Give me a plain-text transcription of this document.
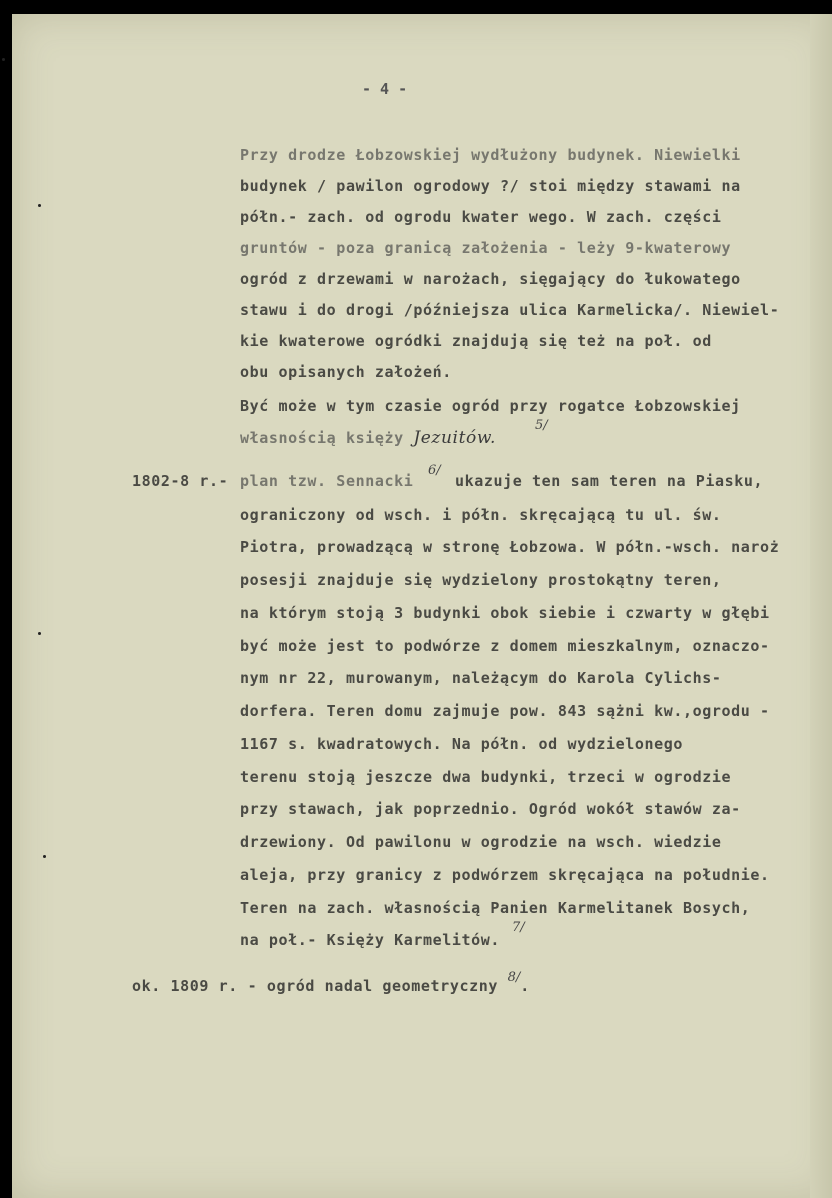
- 4 -
Przy drodze Łobzowskiej wydłużony budynek. Niewielki
budynek / pawilon ogrodowy ?/ stoi między stawami na
półn.- zach. od ogrodu kwater wego. W zach. części
gruntów - poza granicą założenia - leży 9-kwaterowy
ogród z drzewami w narożach, sięgający do łukowatego
stawu i do drogi /późniejsza ulica Karmelicka/. Niewiel-
kie kwaterowe ogródki znajdują się też na poł. od
obu opisanych założeń.
Być może w tym czasie ogród przy rogatce Łobzowskiej
własnością księży Jezuitów.
5/
1802-8 r.- plan tzw. Sennacki
6/
ukazuje ten sam teren na Piasku,
ograniczony od wsch. i półn. skręcającą tu ul. św.
Piotra, prowadzącą w stronę Łobzowa. W półn.-wsch. naroż
posesji znajduje się wydzielony prostokątny teren,
na którym stoją 3 budynki obok siebie i czwarty w głębi
być może jest to podwórze z domem mieszkalnym, oznaczo-
nym nr 22, murowanym, należącym do Karola Cylichs-
dorfera. Teren domu zajmuje pow. 843 sążni kw.,ogrodu -
1167 s. kwadratowych. Na półn. od wydzielonego
terenu stoją jeszcze dwa budynki, trzeci w ogrodzie
przy stawach, jak poprzednio. Ogród wokół stawów za-
drzewiony. Od pawilonu w ogrodzie na wsch. wiedzie
aleja, przy granicy z podwórzem skręcająca na południe.
Teren na zach. własnością Panien Karmelitanek Bosych,
na poł.- Księży Karmelitów.
7/
ok. 1809 r. - ogród nadal geometryczny $^{8/}$.
